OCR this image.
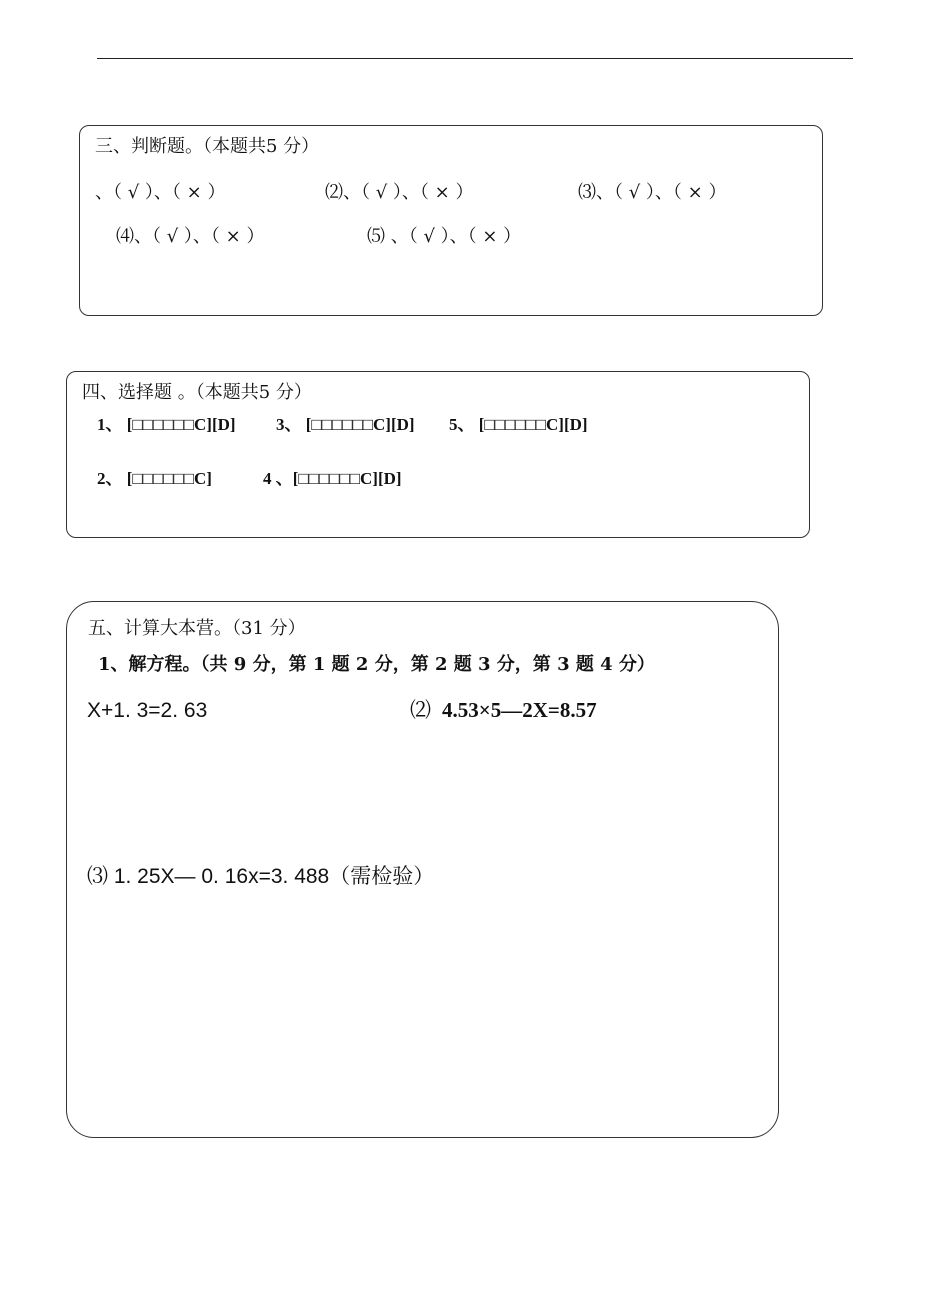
三、判断题。（本题共5 分）
、（ √ ）、（ × ）	⑵、（ √ ）、（ × ）	⑶、（ √ ）、（ × ）
⑷、（ √ ）、（ × ）	⑸ 、（ √ ）、（ × ）
四、选择题 。（本题共5 分）
1、 [□□□□□□C][D] 3、 [□□□□□□C][D] 5、 [□□□□□□C][D]
2、 [□□□□□□C]	4 、[□□□□□□C][D]
五、计算大本营。（31 分）
1、解方程。（共 9 分，第 1 题 2 分，第 2 题 3 分，第 3 题 4 分）
X+1. 3=2. 63	⑵ 4.53×5—2X=8.57
⑶ 1. 25X— 0. 16x=3. 488（需检验）
